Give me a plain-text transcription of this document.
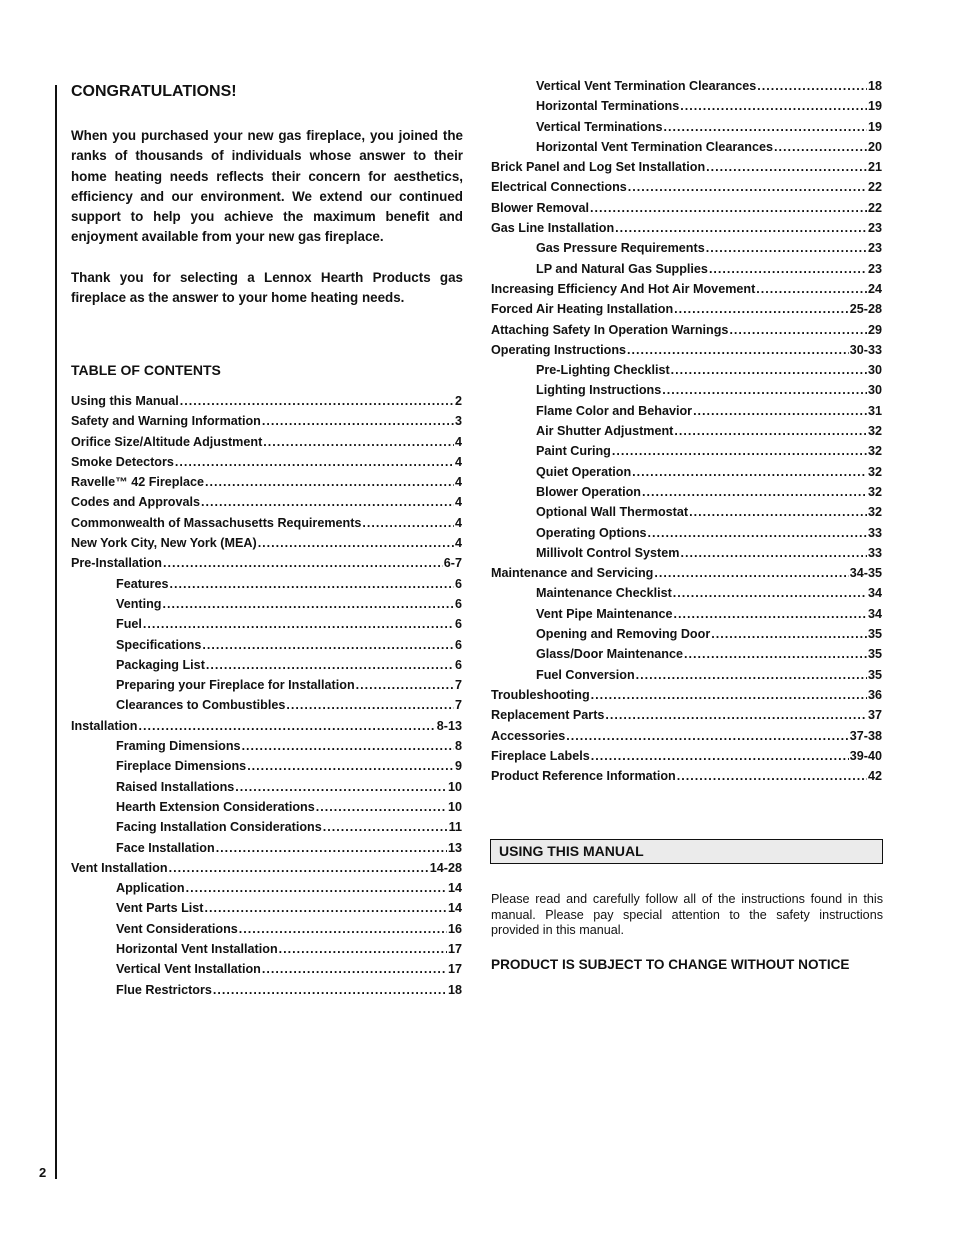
2
CONGRATULATIONS!

When you purchased your new gas fireplace, you joined the ranks of thousands of individuals whose answer to their home heating needs reflects their concern for aesthetics, efficiency and our environment. We extend our continued support to help you achieve the maximum benefit and enjoyment available from your new gas fireplace.

Thank you for selecting a Lennox Hearth Products gas fireplace as the answer to your home heating needs.

TABLE OF CONTENTS
Using this Manual .....	2
Safety and Warning Information .....	3
Orifice Size/Altitude Adjustment .....	4
Smoke Detectors .....	4
Ravelle™ 42 Fireplace .....	4
Codes and Approvals .....	4
Commonwealth of Massachusetts Requirements .....	4
New York City, New York (MEA) .....	4
Pre-Installation .....	6-7
Features .....	6
Venting .....	6
Fuel .....	6
Specifications .....	6
Packaging List .....	6
Preparing your Fireplace for Installation .....	7
Clearances to Combustibles .....	7
Installation .....	8-13
Framing Dimensions .....	8
Fireplace Dimensions .....	9
Raised Installations .....	10
Hearth Extension Considerations .....	10
Facing Installation Considerations .....	11
Face Installation .....	13
Vent Installation .....	14-28
Application .....	14
Vent Parts List .....	14
Vent Considerations .....	16
Horizontal Vent Installation .....	17
Vertical Vent Installation .....	17
Flue Restrictors .....	18
Vertical Vent Termination Clearances .....	18
Horizontal Terminations .....	19
Vertical Terminations .....	19
Horizontal Vent Termination Clearances .....	20
Brick Panel and Log Set Installation .....	21
Electrical Connections .....	22
Blower Removal .....	22
Gas Line Installation .....	23
Gas Pressure Requirements .....	23
LP and Natural Gas Supplies .....	23
Increasing Efficiency And Hot Air Movement .....	24
Forced Air Heating Installation .....	25-28
Attaching Safety In Operation Warnings .....	29
Operating Instructions .....	30-33
Pre-Lighting Checklist .....	30
Lighting Instructions .....	30
Flame Color and Behavior .....	31
Air Shutter Adjustment .....	32
Paint Curing .....	32
Quiet Operation .....	32
Blower Operation .....	32
Optional Wall Thermostat .....	32
Operating Options .....	33
Millivolt Control System .....	33
Maintenance and Servicing .....	34-35
Maintenance Checklist .....	34
Vent Pipe Maintenance .....	34
Opening and Removing Door .....	35
Glass/Door Maintenance .....	35
Fuel Conversion .....	35
Troubleshooting .....	36
Replacement Parts .....	37
Accessories .....	37-38
Fireplace Labels .....	39-40
Product Reference Information .....	42
USING THIS MANUAL

Please read and carefully follow all of the instructions found in this manual. Please pay special attention to the safety instructions provided in this manual.

PRODUCT IS SUBJECT TO CHANGE WITHOUT NOTICE
